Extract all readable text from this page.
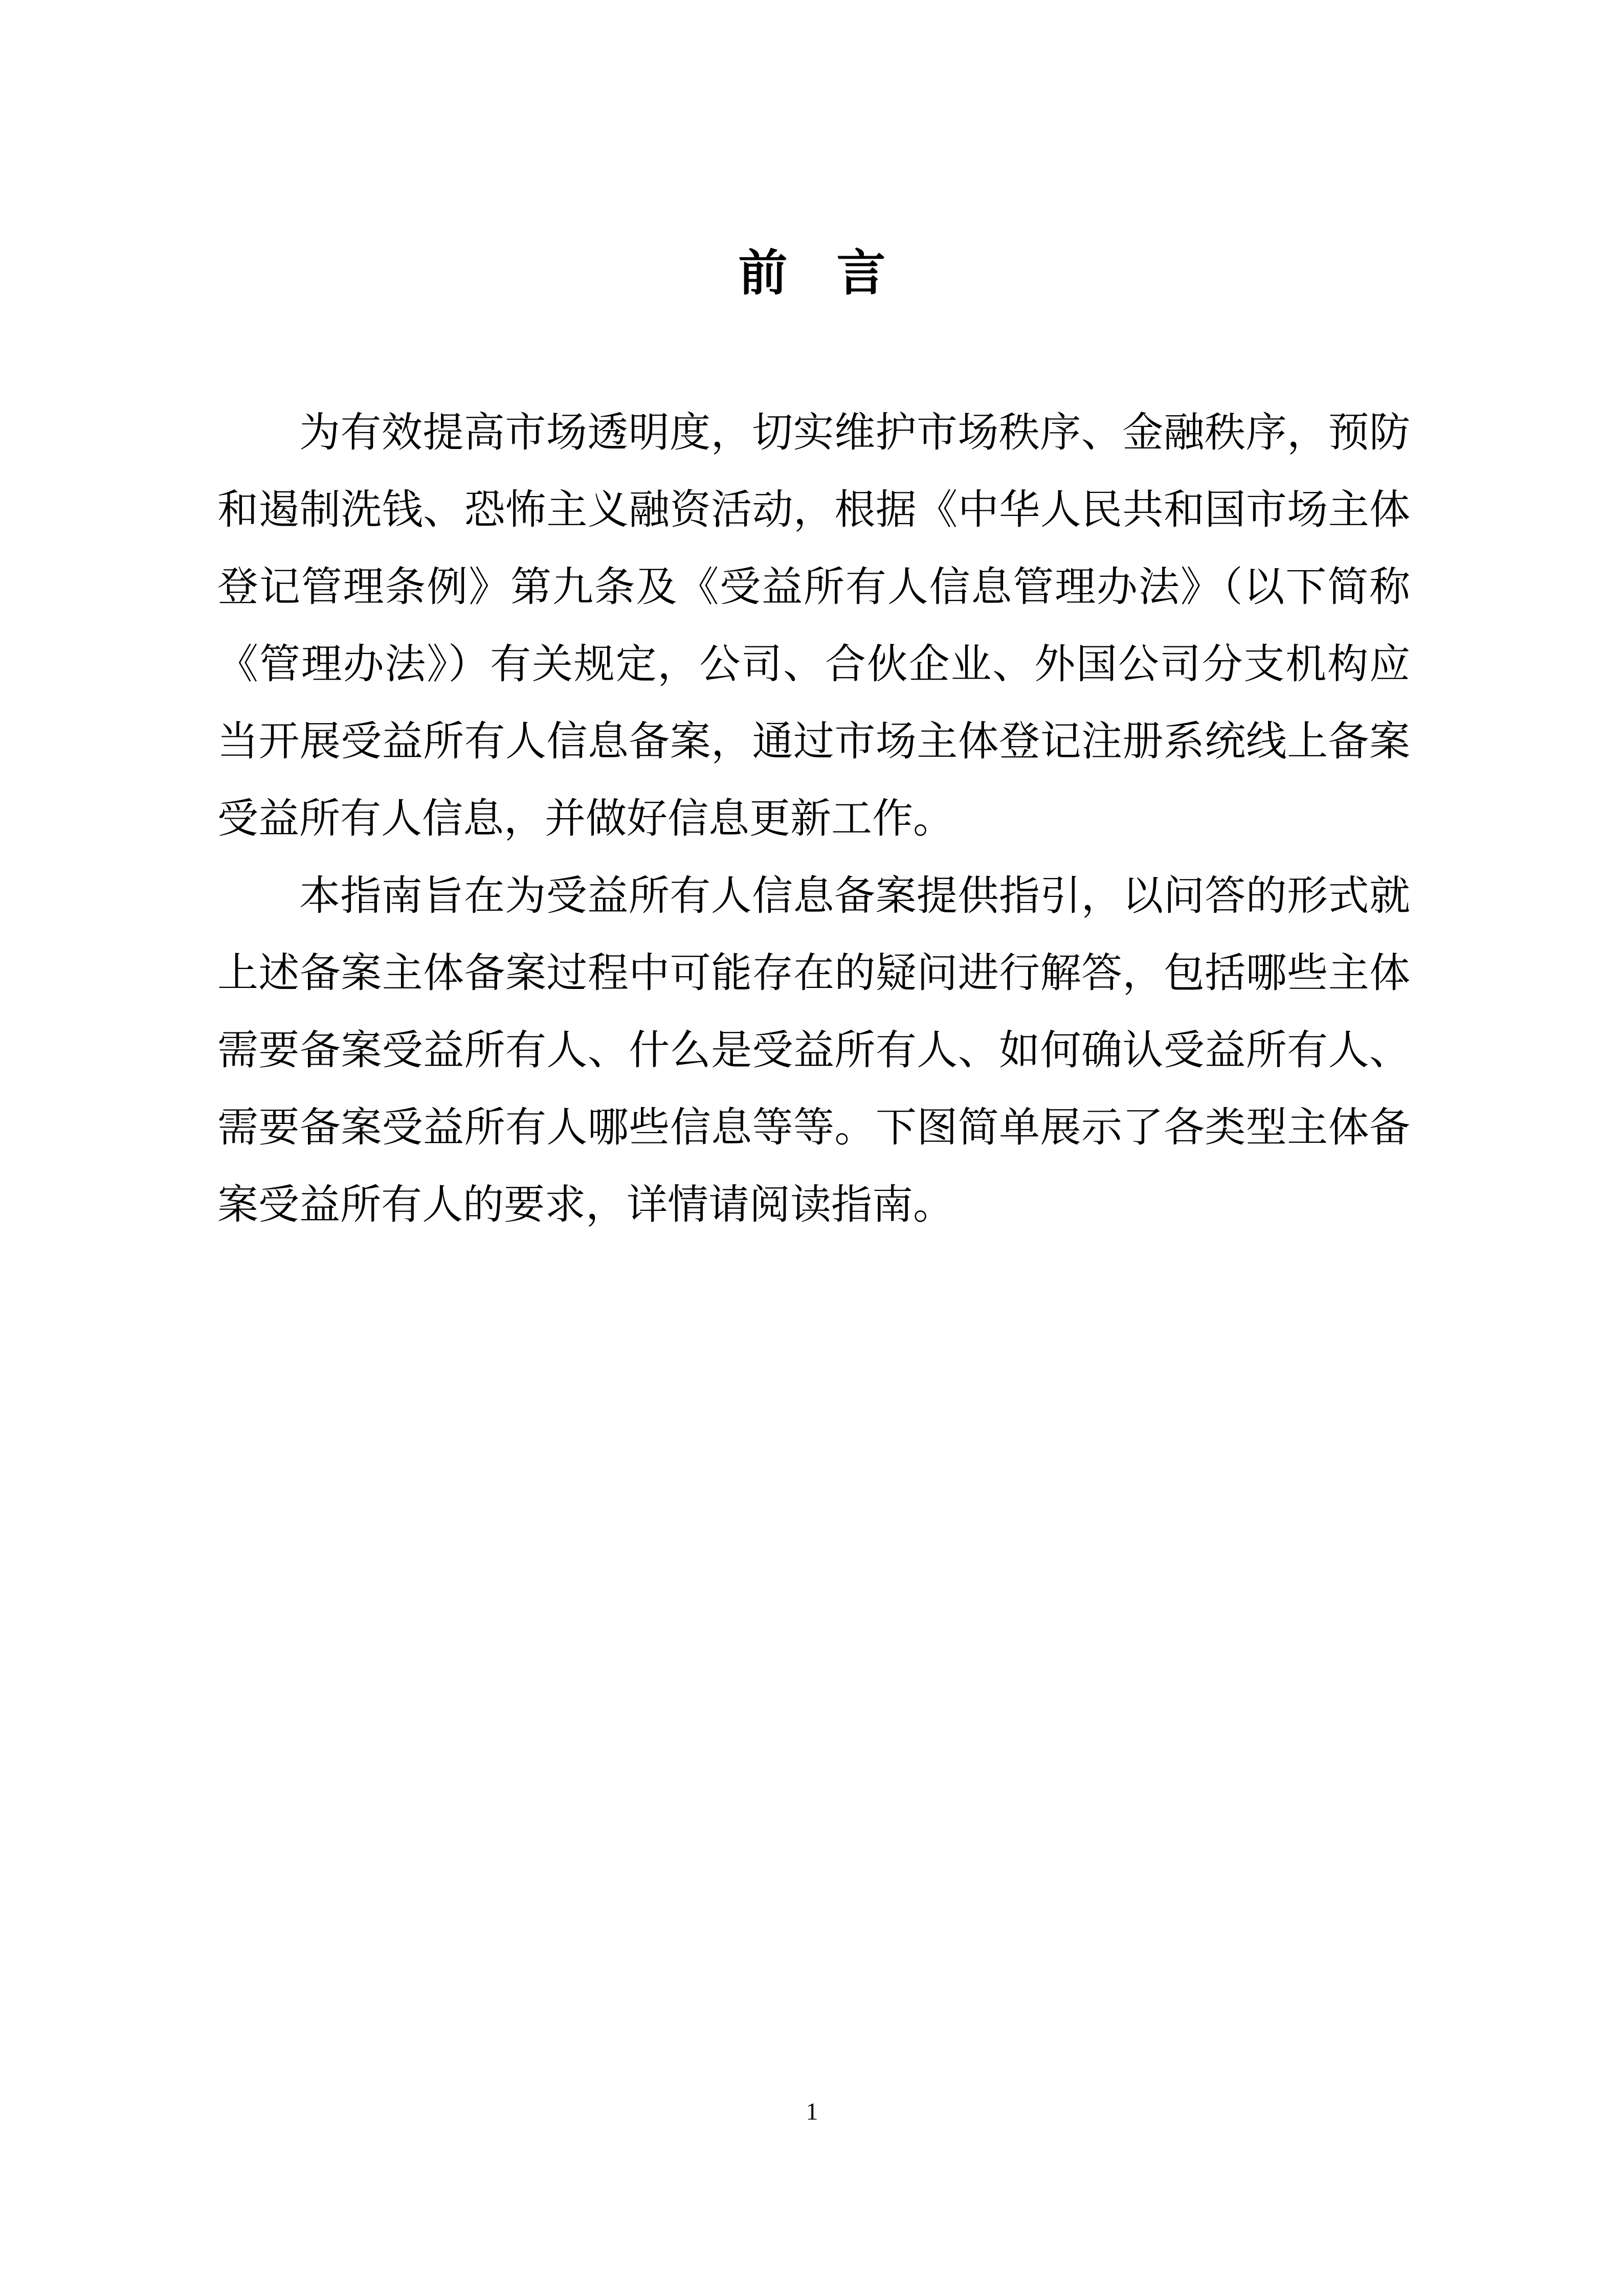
前　言

为有效提高市场透明度，切实维护市场秩序、金融秩序，预防和遏制洗钱、恐怖主义融资活动，根据《中华人民共和国市场主体登记管理条例》第九条及《受益所有人信息管理办法》（以下简称《管理办法》）有关规定，公司、合伙企业、外国公司分支机构应当开展受益所有人信息备案，通过市场主体登记注册系统线上备案受益所有人信息，并做好信息更新工作。

本指南旨在为受益所有人信息备案提供指引，以问答的形式就上述备案主体备案过程中可能存在的疑问进行解答，包括哪些主体需要备案受益所有人、什么是受益所有人、如何确认受益所有人、需要备案受益所有人哪些信息等等。下图简单展示了各类型主体备案受益所有人的要求，详情请阅读指南。

1
